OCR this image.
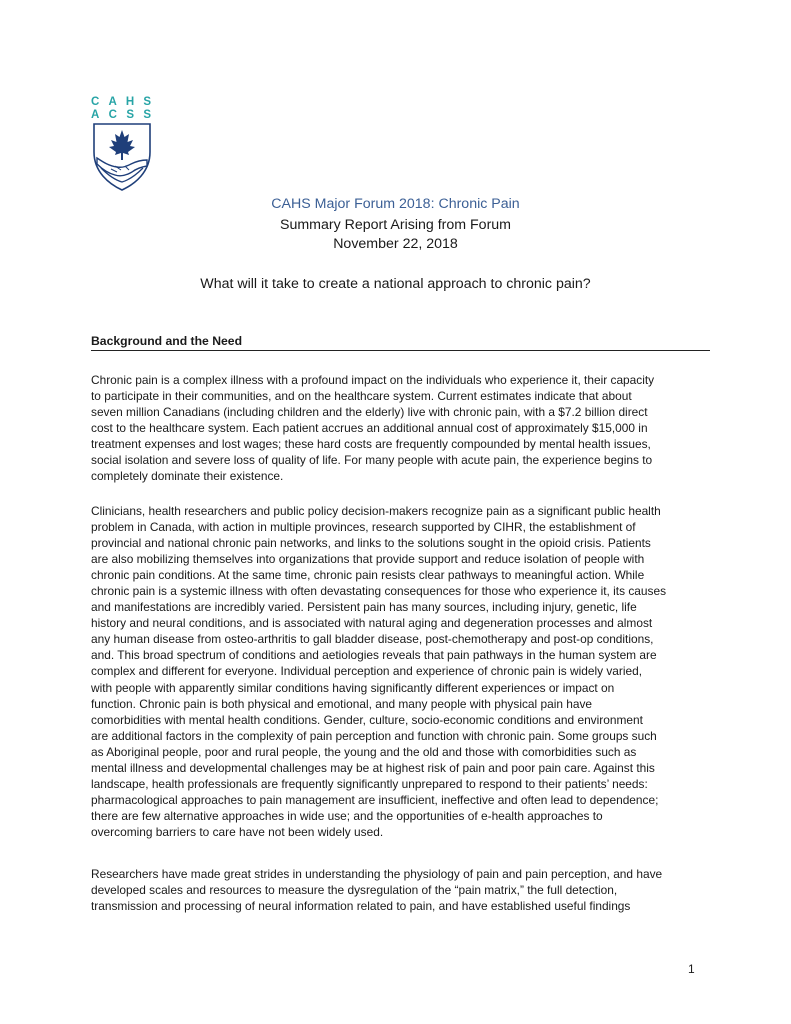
C A H S
A C S S
CAHS Major Forum 2018: Chronic Pain
Summary Report Arising from Forum
November 22, 2018
What will it take to create a national approach to chronic pain?
Background and the Need
Chronic pain is a complex illness with a profound impact on the individuals who experience it, their capacity
to participate in their communities, and on the healthcare system. Current estimates indicate that about
seven million Canadians (including children and the elderly) live with chronic pain, with a $7.2 billion direct
cost to the healthcare system. Each patient accrues an additional annual cost of approximately $15,000 in
treatment expenses and lost wages; these hard costs are frequently compounded by mental health issues,
social isolation and severe loss of quality of life. For many people with acute pain, the experience begins to
completely dominate their existence.
Clinicians, health researchers and public policy decision-makers recognize pain as a significant public health
problem in Canada, with action in multiple provinces, research supported by CIHR, the establishment of
provincial and national chronic pain networks, and links to the solutions sought in the opioid crisis. Patients
are also mobilizing themselves into organizations that provide support and reduce isolation of people with
chronic pain conditions. At the same time, chronic pain resists clear pathways to meaningful action. While
chronic pain is a systemic illness with often devastating consequences for those who experience it, its causes
and manifestations are incredibly varied. Persistent pain has many sources, including injury, genetic, life
history and neural conditions, and is associated with natural aging and degeneration processes and almost
any human disease from osteo-arthritis to gall bladder disease, post-chemotherapy and post-op conditions,
and. This broad spectrum of conditions and aetiologies reveals that pain pathways in the human system are
complex and different for everyone. Individual perception and experience of chronic pain is widely varied,
with people with apparently similar conditions having significantly different experiences or impact on
function. Chronic pain is both physical and emotional, and many people with physical pain have
comorbidities with mental health conditions. Gender, culture, socio-economic conditions and environment
are additional factors in the complexity of pain perception and function with chronic pain. Some groups such
as Aboriginal people, poor and rural people, the young and the old and those with comorbidities such as
mental illness and developmental challenges may be at highest risk of pain and poor pain care. Against this
landscape, health professionals are frequently significantly unprepared to respond to their patients’ needs:
pharmacological approaches to pain management are insufficient, ineffective and often lead to dependence;
there are few alternative approaches in wide use; and the opportunities of e-health approaches to
overcoming barriers to care have not been widely used.
Researchers have made great strides in understanding the physiology of pain and pain perception, and have
developed scales and resources to measure the dysregulation of the “pain matrix,” the full detection,
transmission and processing of neural information related to pain, and have established useful findings
1
